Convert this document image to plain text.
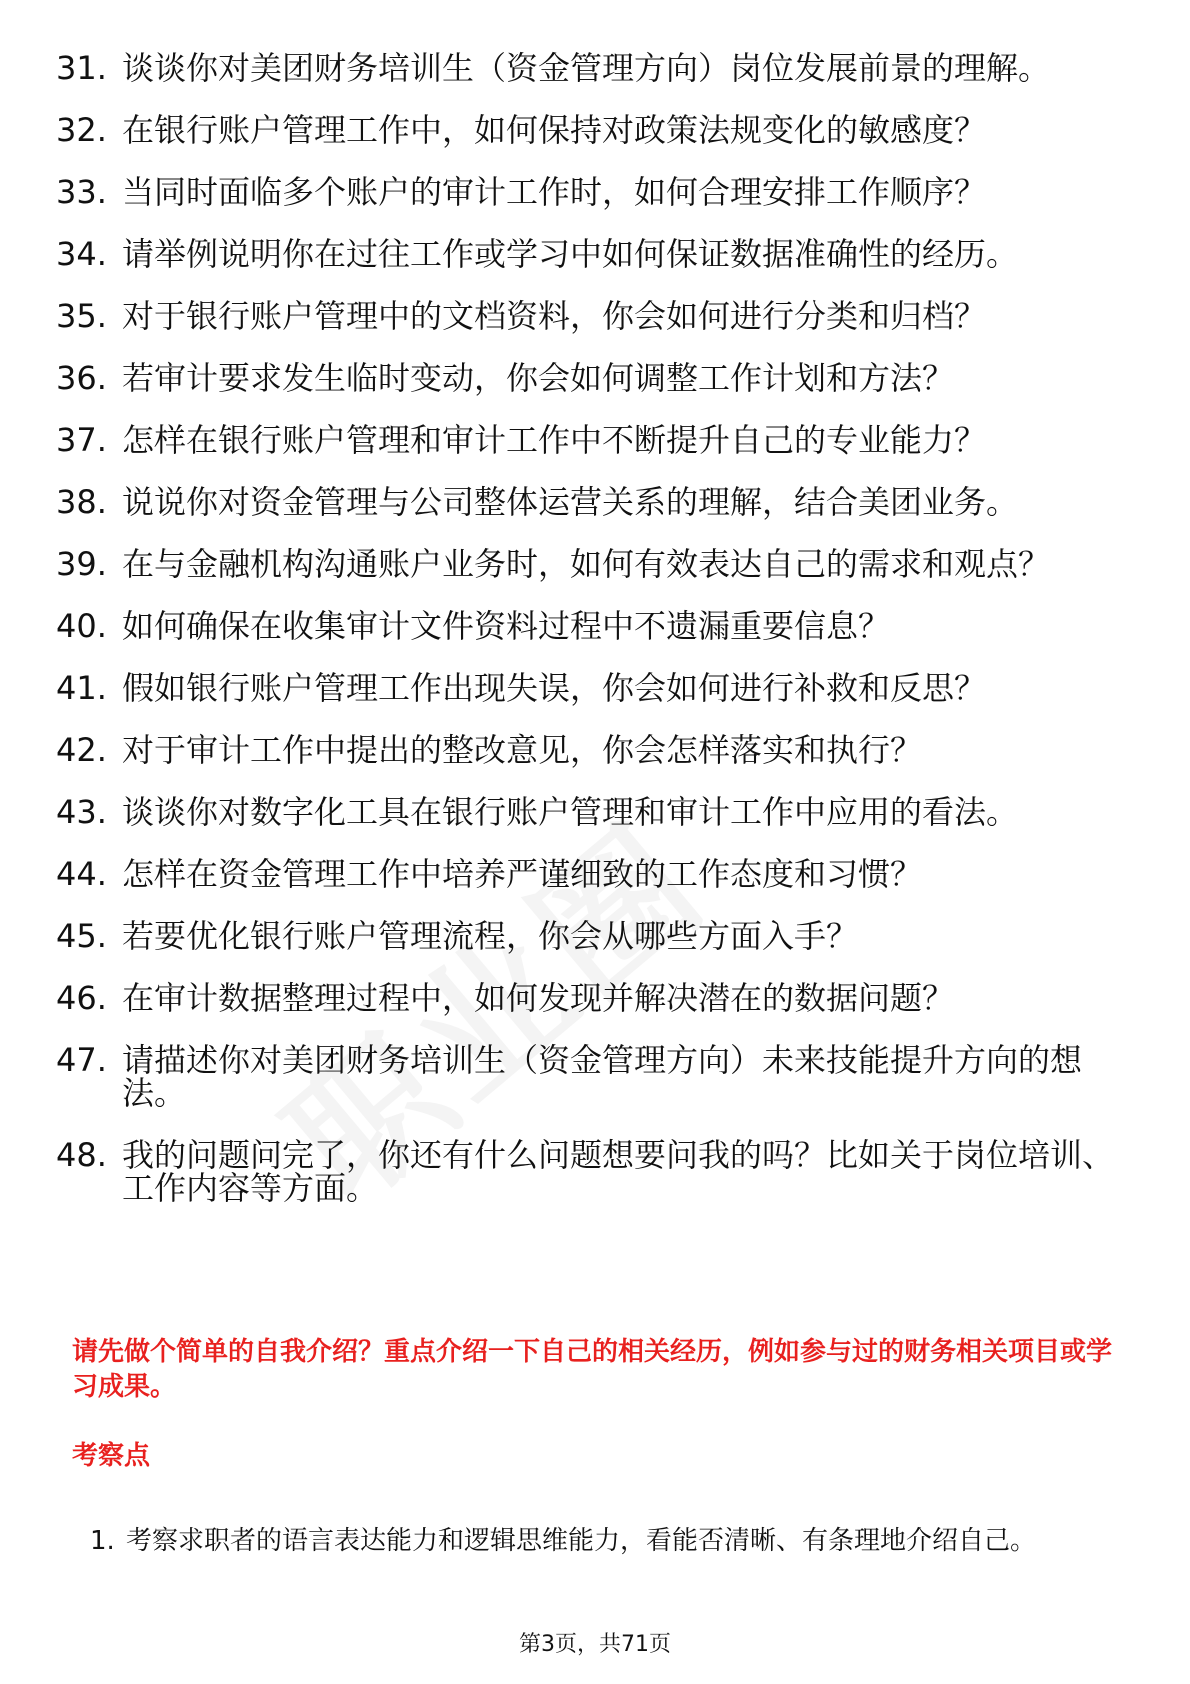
31. 谈谈你对美团财务培训生（资金管理方向）岗位发展前景的理解。
32. 在银行账户管理工作中，如何保持对政策法规变化的敏感度？
33. 当同时面临多个账户的审计工作时，如何合理安排工作顺序？
34. 请举例说明你在过往工作或学习中如何保证数据准确性的经历。
35. 对于银行账户管理中的文档资料，你会如何进行分类和归档？
36. 若审计要求发生临时变动，你会如何调整工作计划和方法？
37. 怎样在银行账户管理和审计工作中不断提升自己的专业能力？
38. 说说你对资金管理与公司整体运营关系的理解，结合美团业务。
39. 在与金融机构沟通账户业务时，如何有效表达自己的需求和观点？
40. 如何确保在收集审计文件资料过程中不遗漏重要信息？
41. 假如银行账户管理工作出现失误，你会如何进行补救和反思？
42. 对于审计工作中提出的整改意见，你会怎样落实和执行？
43. 谈谈你对数字化工具在银行账户管理和审计工作中应用的看法。
44. 怎样在资金管理工作中培养严谨细致的工作态度和习惯？
45. 若要优化银行账户管理流程，你会从哪些方面入手？
46. 在审计数据整理过程中，如何发现并解决潜在的数据问题？
47. 请描述你对美团财务培训生（资金管理方向）未来技能提升方向的想法。
48. 我的问题问完了，你还有什么问题想要问我的吗？比如关于岗位培训、工作内容等方面。
请先做个简单的自我介绍？重点介绍一下自己的相关经历，例如参与过的财务相关项目或学习成果。
考察点
1. 考察求职者的语言表达能力和逻辑思维能力，看能否清晰、有条理地介绍自己。
第3页，共71页
